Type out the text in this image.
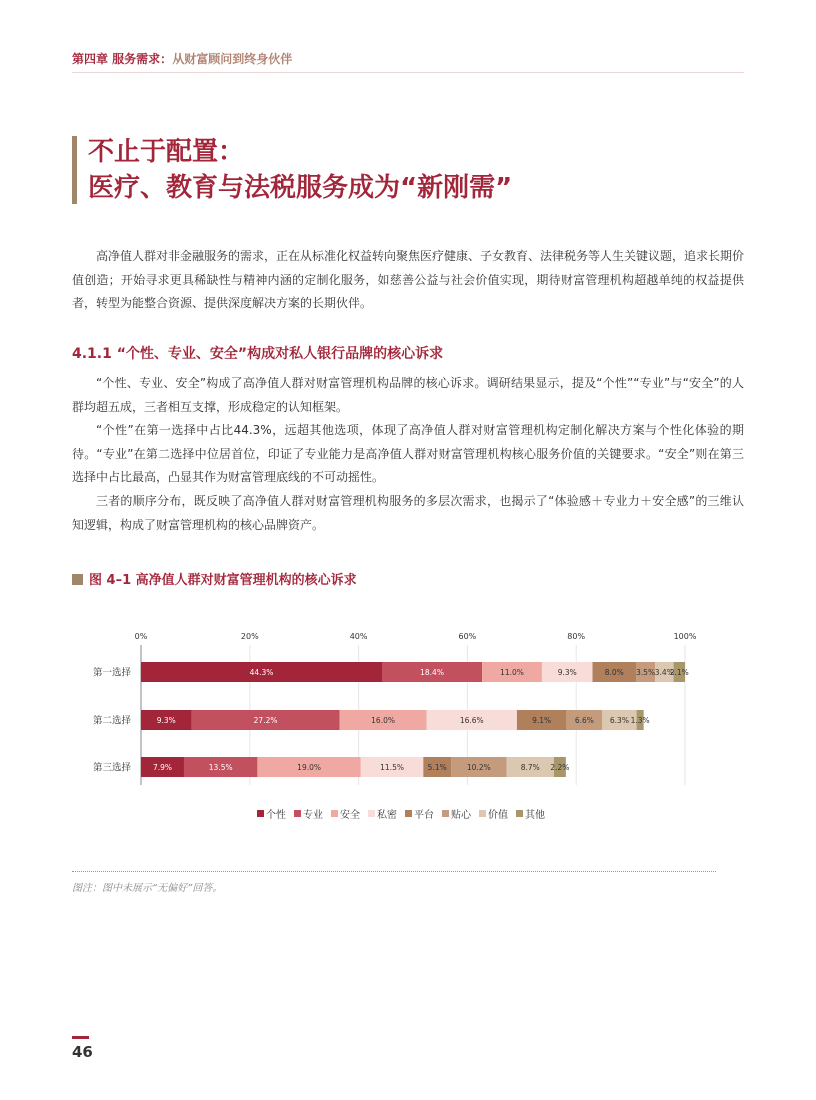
第四章 服务需求：从财富顾问到终身伙伴
不止于配置：
医疗、教育与法税服务成为“新刚需”

高净值人群对非金融服务的需求，正在从标准化权益转向聚焦医疗健康、子女教育、法律税务等人生关键议题，追求长期价值创造；开始寻求更具稀缺性与精神内涵的定制化服务，如慈善公益与社会价值实现，期待财富管理机构超越单纯的权益提供者，转型为能整合资源、提供深度解决方案的长期伙伴。

4.1.1 “个性、专业、安全”构成对私人银行品牌的核心诉求

“个性、专业、安全”构成了高净值人群对财富管理机构品牌的核心诉求。调研结果显示，提及“个性”“专业”与“安全”的人群均超五成，三者相互支撑，形成稳定的认知框架。

“个性”在第一选择中占比44.3%，远超其他选项，体现了高净值人群对财富管理机构定制化解决方案与个性化体验的期待。“专业”在第二选择中位居首位，印证了专业能力是高净值人群对财富管理机构核心服务价值的关键要求。“安全”则在第三选择中占比最高，凸显其作为财富管理底线的不可动摇性。

三者的顺序分布，既反映了高净值人群对财富管理机构服务的多层次需求，也揭示了“体验感＋专业力＋安全感”的三维认知逻辑，构成了财富管理机构的核心品牌资产。

图 4–1 高净值人群对财富管理机构的核心诉求
0%	20%	40%	60%	80%	100%
第一选择	44.3%	18.4%	11.0%	9.3%	8.0% 3.5% 3.4%
2.1%
第二选择	9.3%	27.2%	16.0%	16.6%	9.1%	6.6% 6.3% 1.3%
第三选择	7.9%	13.5%	19.0%	11.5%	5.1%	10.2%	8.7% 2.2%
个性 专业 安全 私密 平台 贴心 价值 其他
图注：图中未展示“无偏好”回答。
46
